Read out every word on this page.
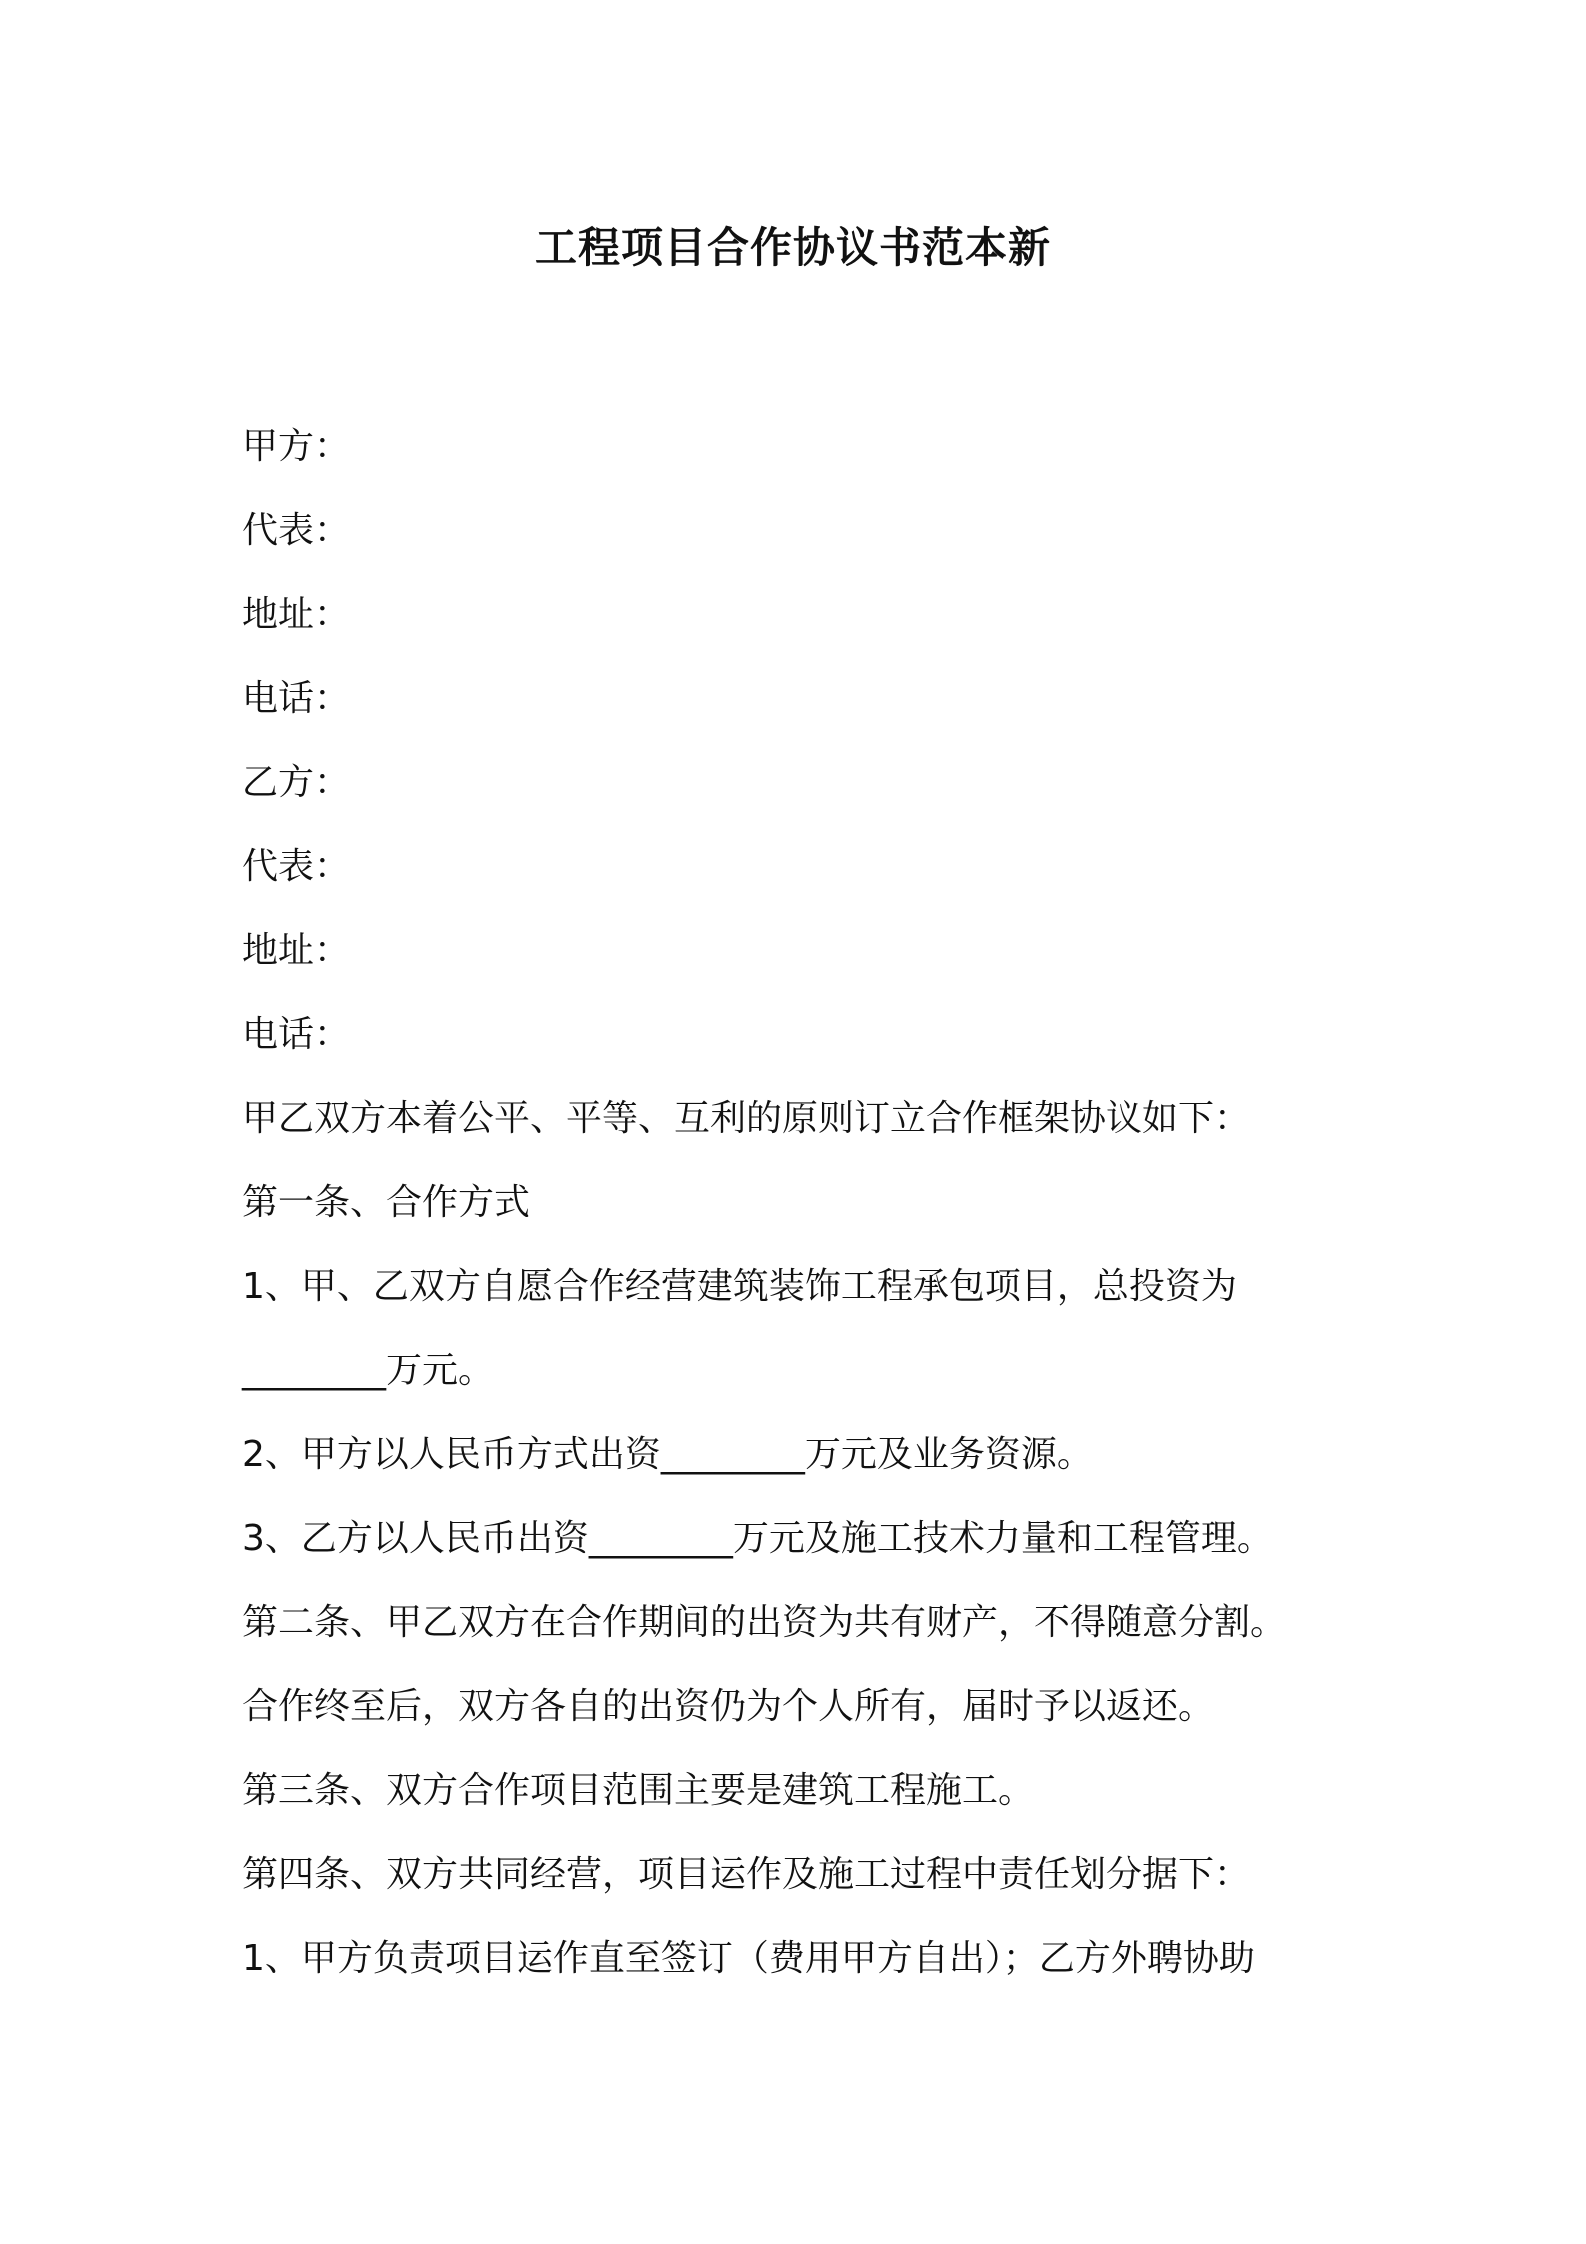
工程项目合作协议书范本新
甲方：
代表：
地址：
电话：
乙方：
代表：
地址：
电话：
甲乙双方本着公平、平等、互利的原则订立合作框架协议如下：
第一条、合作方式
1、甲、乙双方自愿合作经营建筑装饰工程承包项目，总投资为
________万元。
2、甲方以人民币方式出资________万元及业务资源。
3、乙方以人民币出资________万元及施工技术力量和工程管理。
第二条、甲乙双方在合作期间的出资为共有财产，不得随意分割。
合作终至后，双方各自的出资仍为个人所有，届时予以返还。
第三条、双方合作项目范围主要是建筑工程施工。
第四条、双方共同经营，项目运作及施工过程中责任划分据下：
1、甲方负责项目运作直至签订（费用甲方自出）；乙方外聘协助
